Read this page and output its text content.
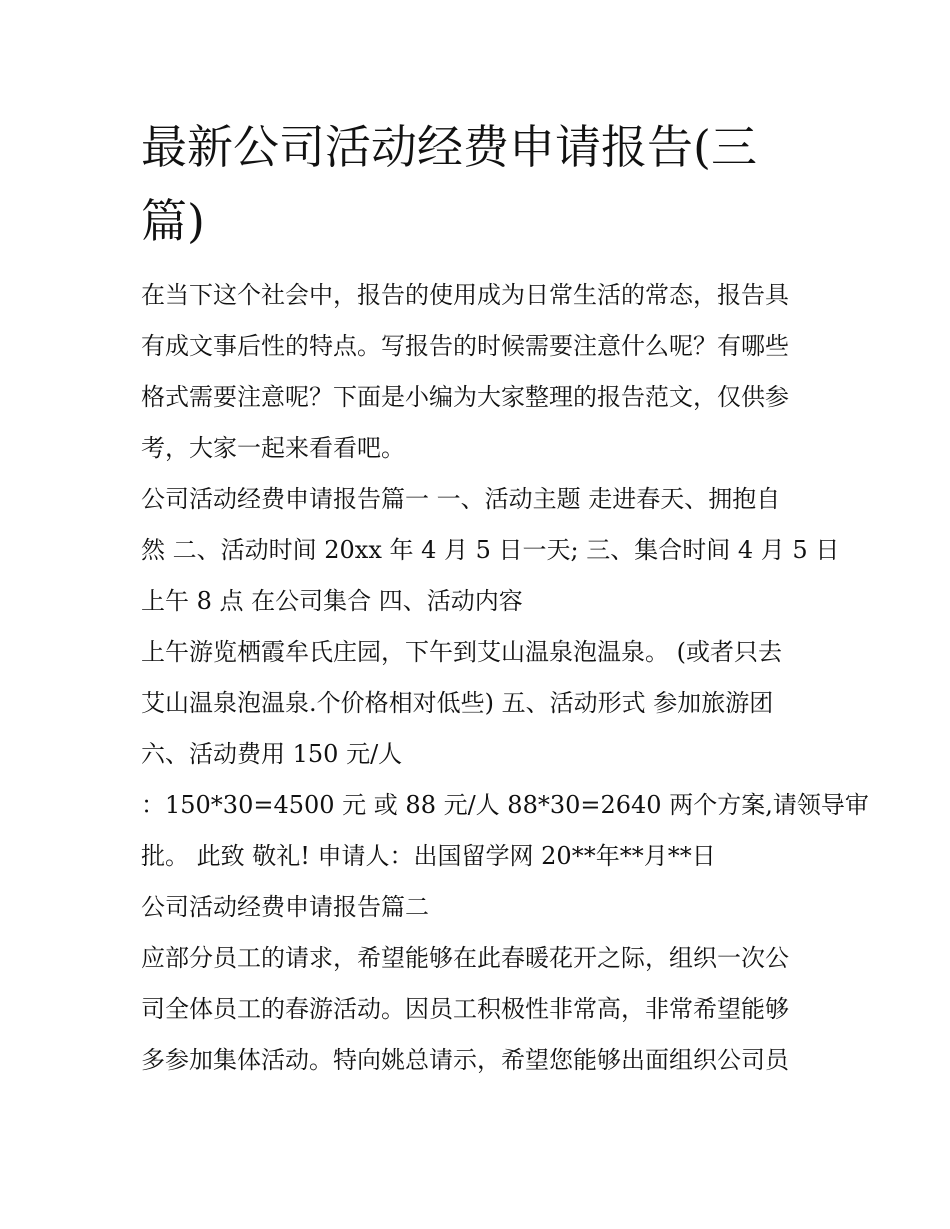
最新公司活动经费申请报告(三
篇)
在当下这个社会中，报告的使用成为日常生活的常态，报告具
有成文事后性的特点。写报告的时候需要注意什么呢？有哪些
格式需要注意呢？下面是小编为大家整理的报告范文，仅供参
考，大家一起来看看吧。
公司活动经费申请报告篇一 一、活动主题 走进春天、拥抱自
然 二、活动时间 20xx 年 4 月 5 日一天; 三、集合时间 4 月 5 日
上午 8 点 在公司集合 四、活动内容
上午游览栖霞牟氏庄园，下午到艾山温泉泡温泉。 (或者只去
艾山温泉泡温泉.个价格相对低些) 五、活动形式 参加旅游团
六、活动费用 150 元/人
：150*30=4500 元 或 88 元/人 88*30=2640 两个方案,请领导审
批。 此致 敬礼! 申请人：出国留学网 20**年**月**日
公司活动经费申请报告篇二
应部分员工的请求，希望能够在此春暖花开之际，组织一次公
司全体员工的春游活动。因员工积极性非常高，非常希望能够
多参加集体活动。特向姚总请示，希望您能够出面组织公司员
